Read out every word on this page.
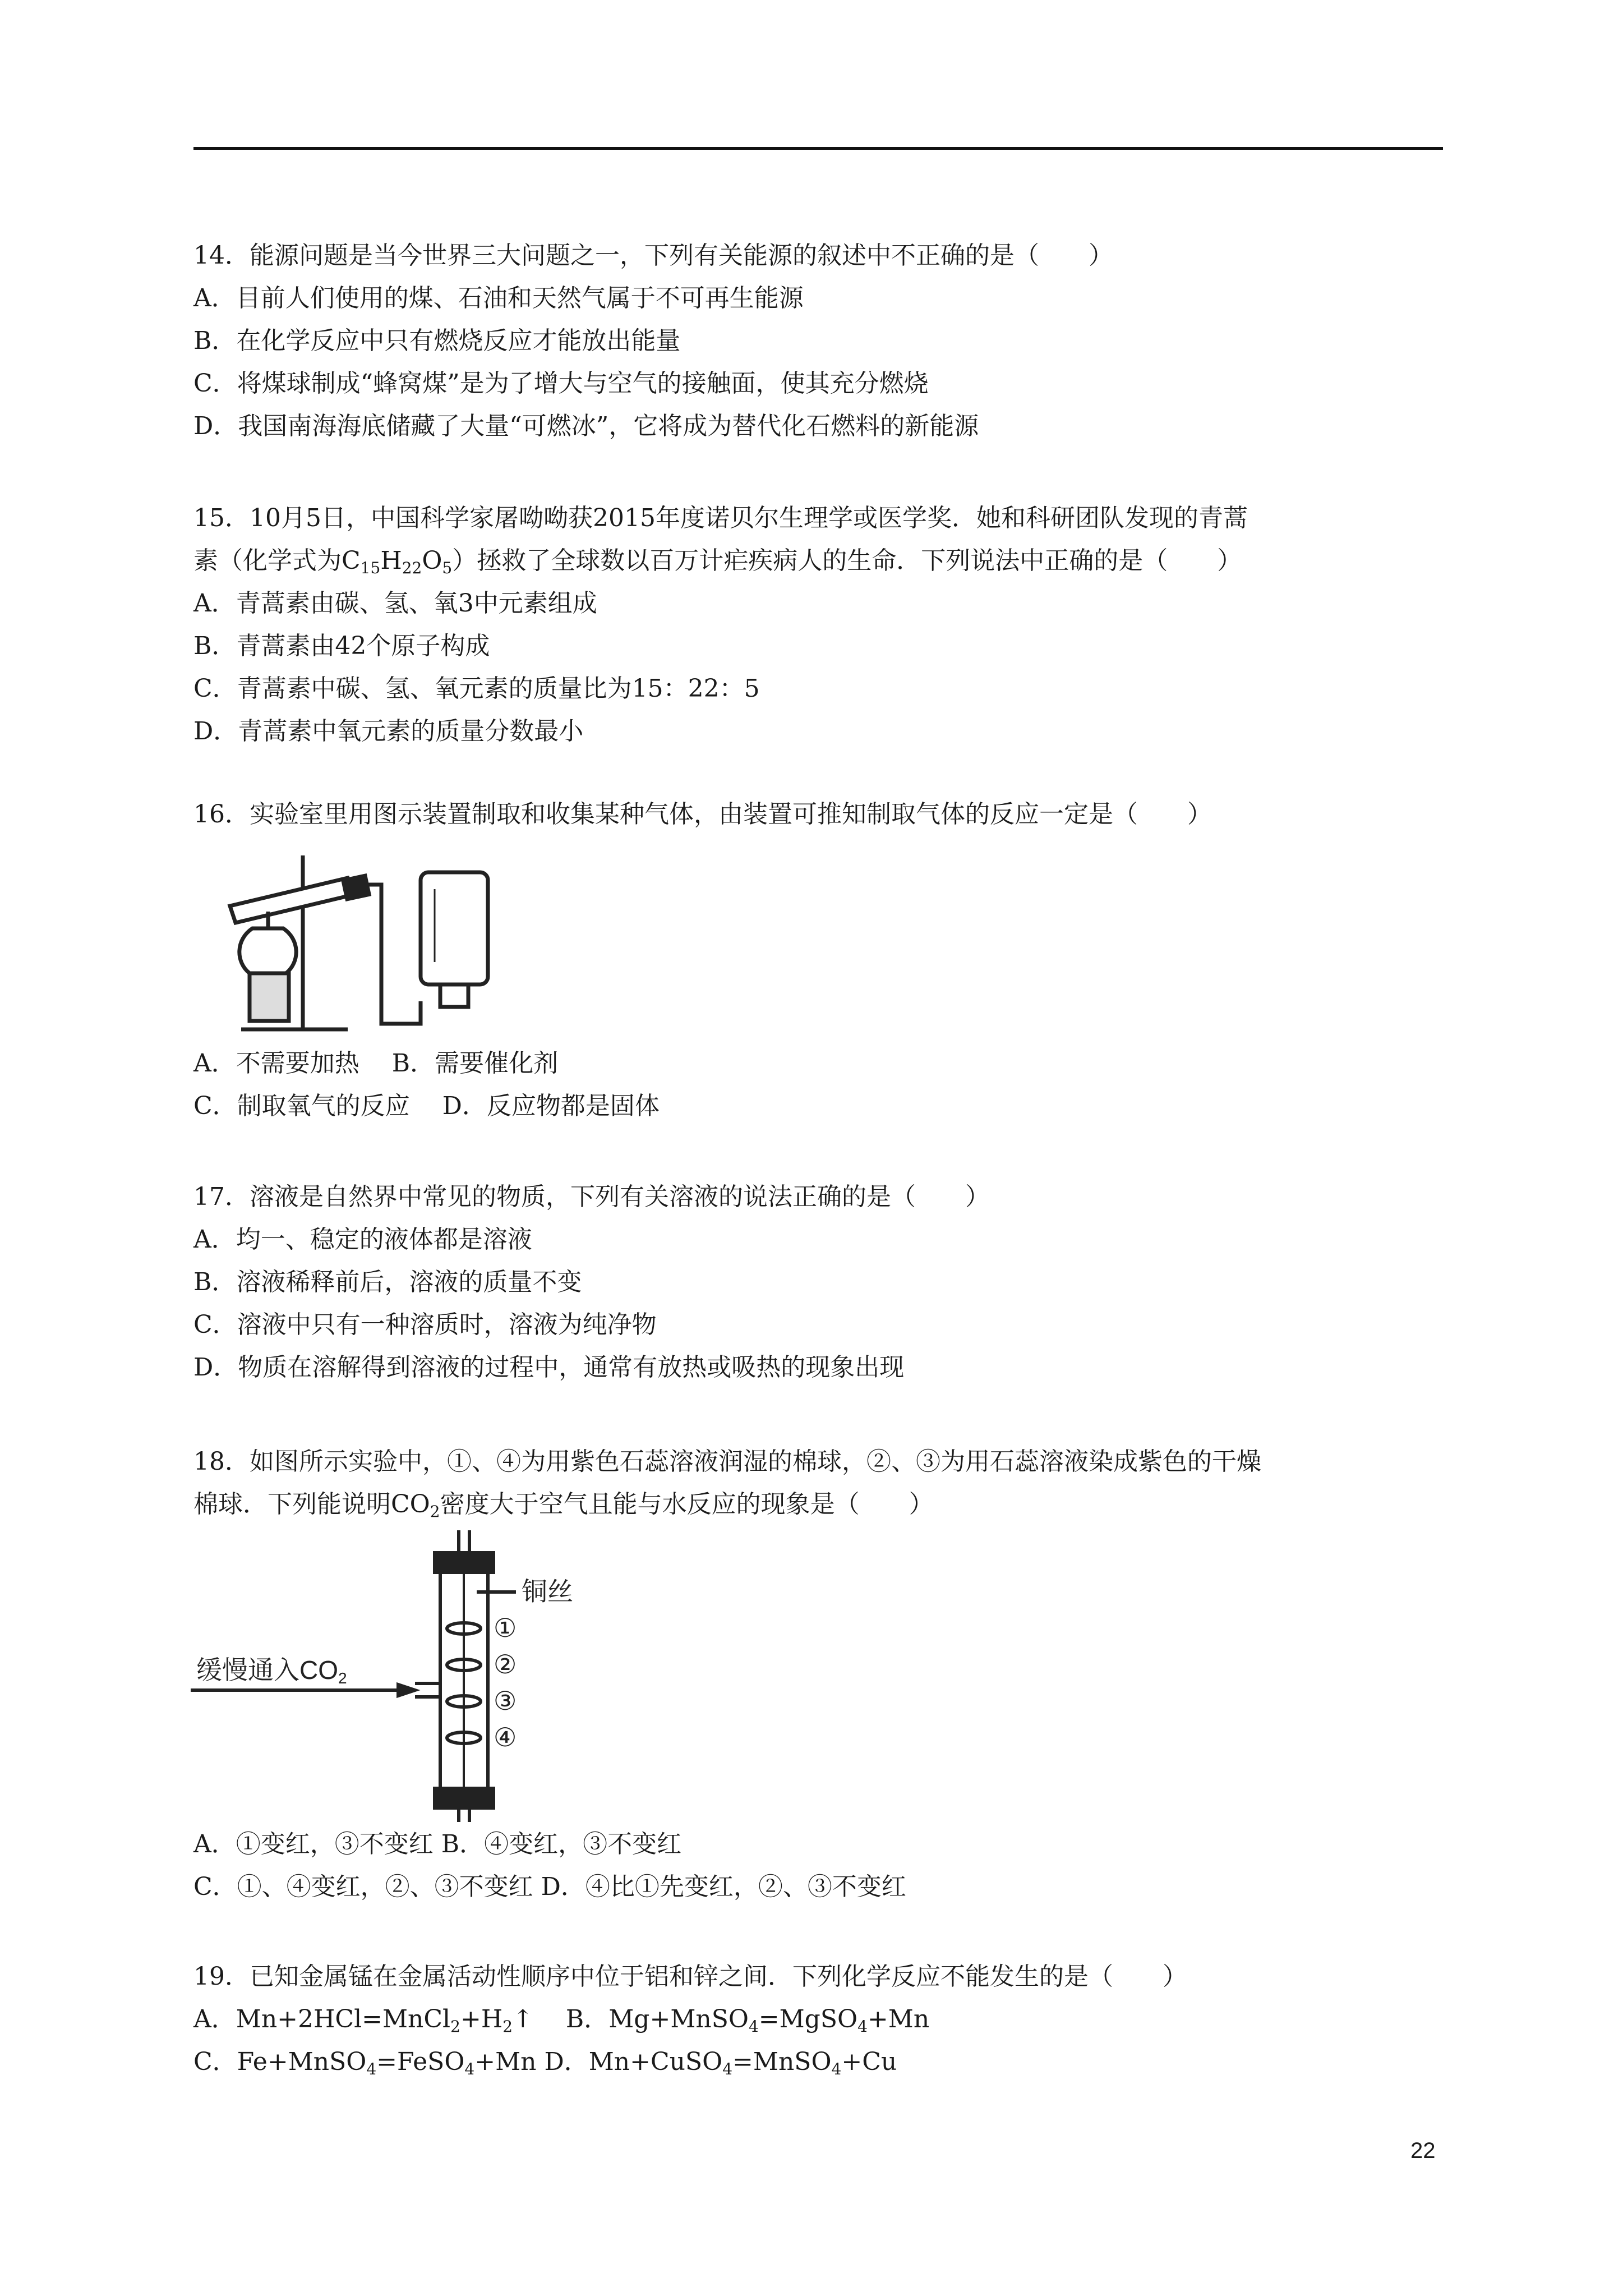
14．能源问题是当今世界三大问题之一，下列有关能源的叙述中不正确的是（　　）
A．目前人们使用的煤、石油和天然气属于不可再生能源
B．在化学反应中只有燃烧反应才能放出能量
C．将煤球制成“蜂窝煤”是为了增大与空气的接触面，使其充分燃烧
D．我国南海海底储藏了大量“可燃冰”，它将成为替代化石燃料的新能源
15．10月5日，中国科学家屠呦呦获2015年度诺贝尔生理学或医学奖．她和科研团队发现的青蒿
素（化学式为$C_{15}H_{22}O_5$）拯救了全球数以百万计疟疾病人的生命．下列说法中正确的是（　　）
A．青蒿素由碳、氢、氧3中元素组成
B．青蒿素由42个原子构成
C．青蒿素中碳、氢、氧元素的质量比为15：22：5
D．青蒿素中氧元素的质量分数最小
16．实验室里用图示装置制取和收集某种气体，由装置可推知制取气体的反应一定是（　　）
A．不需要加热　 B．需要催化剂
C．制取氧气的反应　 D．反应物都是固体
17．溶液是自然界中常见的物质，下列有关溶液的说法正确的是（　　）
A．均一、稳定的液体都是溶液
B．溶液稀释前后，溶液的质量不变
C．溶液中只有一种溶质时，溶液为纯净物
D．物质在溶解得到溶液的过程中，通常有放热或吸热的现象出现
18．如图所示实验中，①、④为用紫色石蕊溶液润湿的棉球，②、③为用石蕊溶液染成紫色的干燥
棉球．下列能说明$CO_2$密度大于空气且能与水反应的现象是（　　）
缓慢通入CO2
铜丝
①
②
③
④
A．①变红，③不变红 B．④变红，③不变红
C．①、④变红，②、③不变红 D．④比①先变红，②、③不变红
19．已知金属锰在金属活动性顺序中位于铝和锌之间．下列化学反应不能发生的是（　　）
A．$Mn+2HCl=MnCl_2+H_2↑$　 B．Mg+MnSO$_4$=MgSO$_4$+Mn
C．Fe+MnSO$_4$=FeSO$_4$+Mn D．Mn+CuSO$_4$=MnSO$_4$+Cu
22
